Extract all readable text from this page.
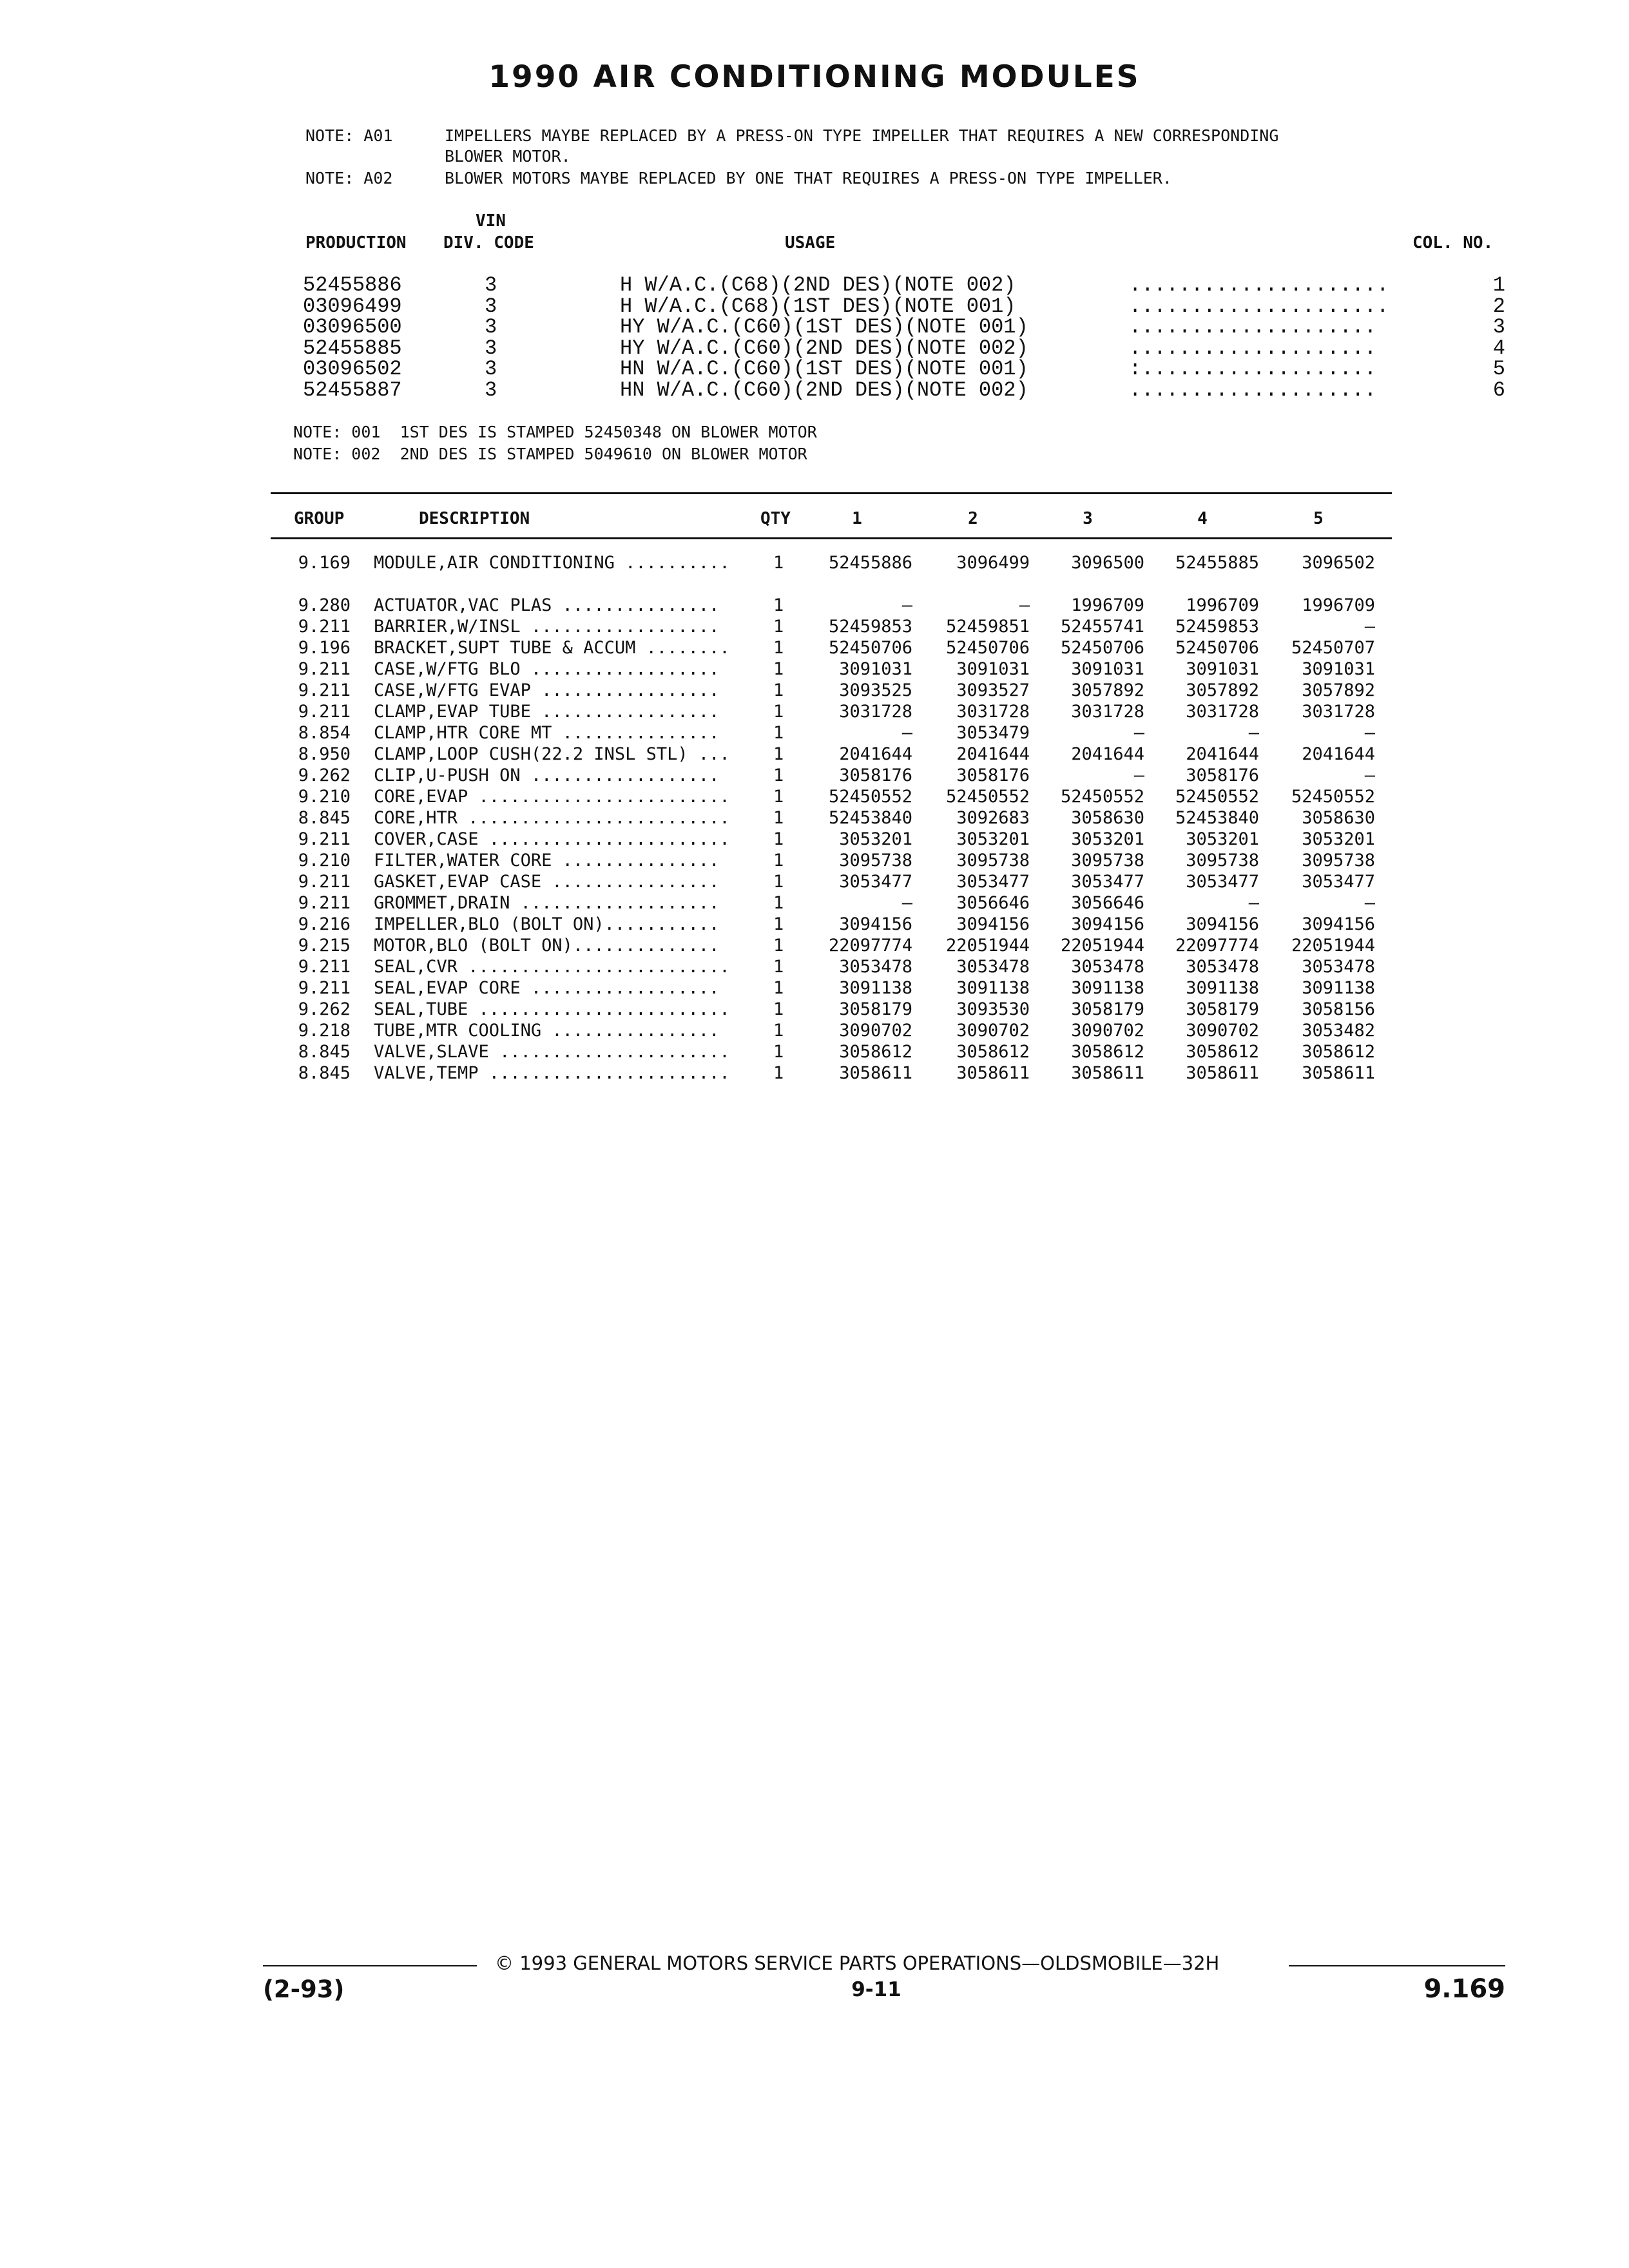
1990 AIR CONDITIONING MODULES
NOTE: A01	IMPELLERS MAYBE REPLACED BY A PRESS-ON TYPE IMPELLER THAT REQUIRES A NEW CORRESPONDING
BLOWER MOTOR.
NOTE: A02	BLOWER MOTORS MAYBE REPLACED BY ONE THAT REQUIRES A PRESS-ON TYPE IMPELLER.
VIN
PRODUCTION DIV. CODE	USAGE	COL. NO.
52455886	3	H W/A.C.(C68)(2ND DES)(NOTE 002)	.....................	1
03096499	3	H W/A.C.(C68)(1ST DES)(NOTE 001)	.....................	2
03096500	3	HY W/A.C.(C60)(1ST DES)(NOTE 001)	....................	3
52455885	3	HY W/A.C.(C60)(2ND DES)(NOTE 002)	....................	4
03096502	3	HN W/A.C.(C60)(1ST DES)(NOTE 001)	:...................	5
52455887	3	HN W/A.C.(C60)(2ND DES)(NOTE 002)	....................	6
NOTE: 001  1ST DES IS STAMPED 52450348 ON BLOWER MOTOR
NOTE: 002  2ND DES IS STAMPED 5049610 ON BLOWER MOTOR
GROUP	DESCRIPTION	QTY	1	2	3	4	5
9.169 MODULE,AIR CONDITIONING .......... 1	52455886	3096499	3096500	52455885	3096502
9.280 ACTUATOR,VAC PLAS ...............	1	—	—	1996709	1996709	1996709
9.211 BARRIER,W/INSL ..................	1	52459853	52459851	52455741	52459853	—
9.196 BRACKET,SUPT TUBE & ACCUM ........ 1	52450706	52450706	52450706	52450706	52450707
9.211 CASE,W/FTG BLO ..................	1	3091031	3091031	3091031	3091031	3091031
9.211 CASE,W/FTG EVAP .................	1	3093525	3093527	3057892	3057892	3057892
9.211 CLAMP,EVAP TUBE .................	1	3031728	3031728	3031728	3031728	3031728
8.854 CLAMP,HTR CORE MT ...............	1	—	3053479	—	—	—
8.950 CLAMP,LOOP CUSH(22.2 INSL STL) ... 1	2041644	2041644	2041644	2041644	2041644
9.262 CLIP,U-PUSH ON ..................	1	3058176	3058176	—	3058176	—
9.210 CORE,EVAP ........................ 1	52450552	52450552	52450552	52450552	52450552
8.845 CORE,HTR ......................... 1	52453840	3092683	3058630	52453840	3058630
9.211 COVER,CASE ....................... 1	3053201	3053201	3053201	3053201	3053201
9.210 FILTER,WATER CORE ...............	1	3095738	3095738	3095738	3095738	3095738
9.211 GASKET,EVAP CASE ................	1	3053477	3053477	3053477	3053477	3053477
9.211 GROMMET,DRAIN ...................	1	—	3056646	3056646	—	—
9.216 IMPELLER,BLO (BOLT ON)...........	1	3094156	3094156	3094156	3094156	3094156
9.215 MOTOR,BLO (BOLT ON)..............	1	22097774	22051944	22051944	22097774	22051944
9.211 SEAL,CVR ......................... 1	3053478	3053478	3053478	3053478	3053478
9.211 SEAL,EVAP CORE ..................	1	3091138	3091138	3091138	3091138	3091138
9.262 SEAL,TUBE ........................ 1	3058179	3093530	3058179	3058179	3058156
9.218 TUBE,MTR COOLING ................	1	3090702	3090702	3090702	3090702	3053482
8.845 VALVE,SLAVE ...................... 1	3058612	3058612	3058612	3058612	3058612
8.845 VALVE,TEMP ....................... 1	3058611	3058611	3058611	3058611	3058611
© 1993 GENERAL MOTORS SERVICE PARTS OPERATIONS—OLDSMOBILE—32H
(2-93)	9-11	9.169
